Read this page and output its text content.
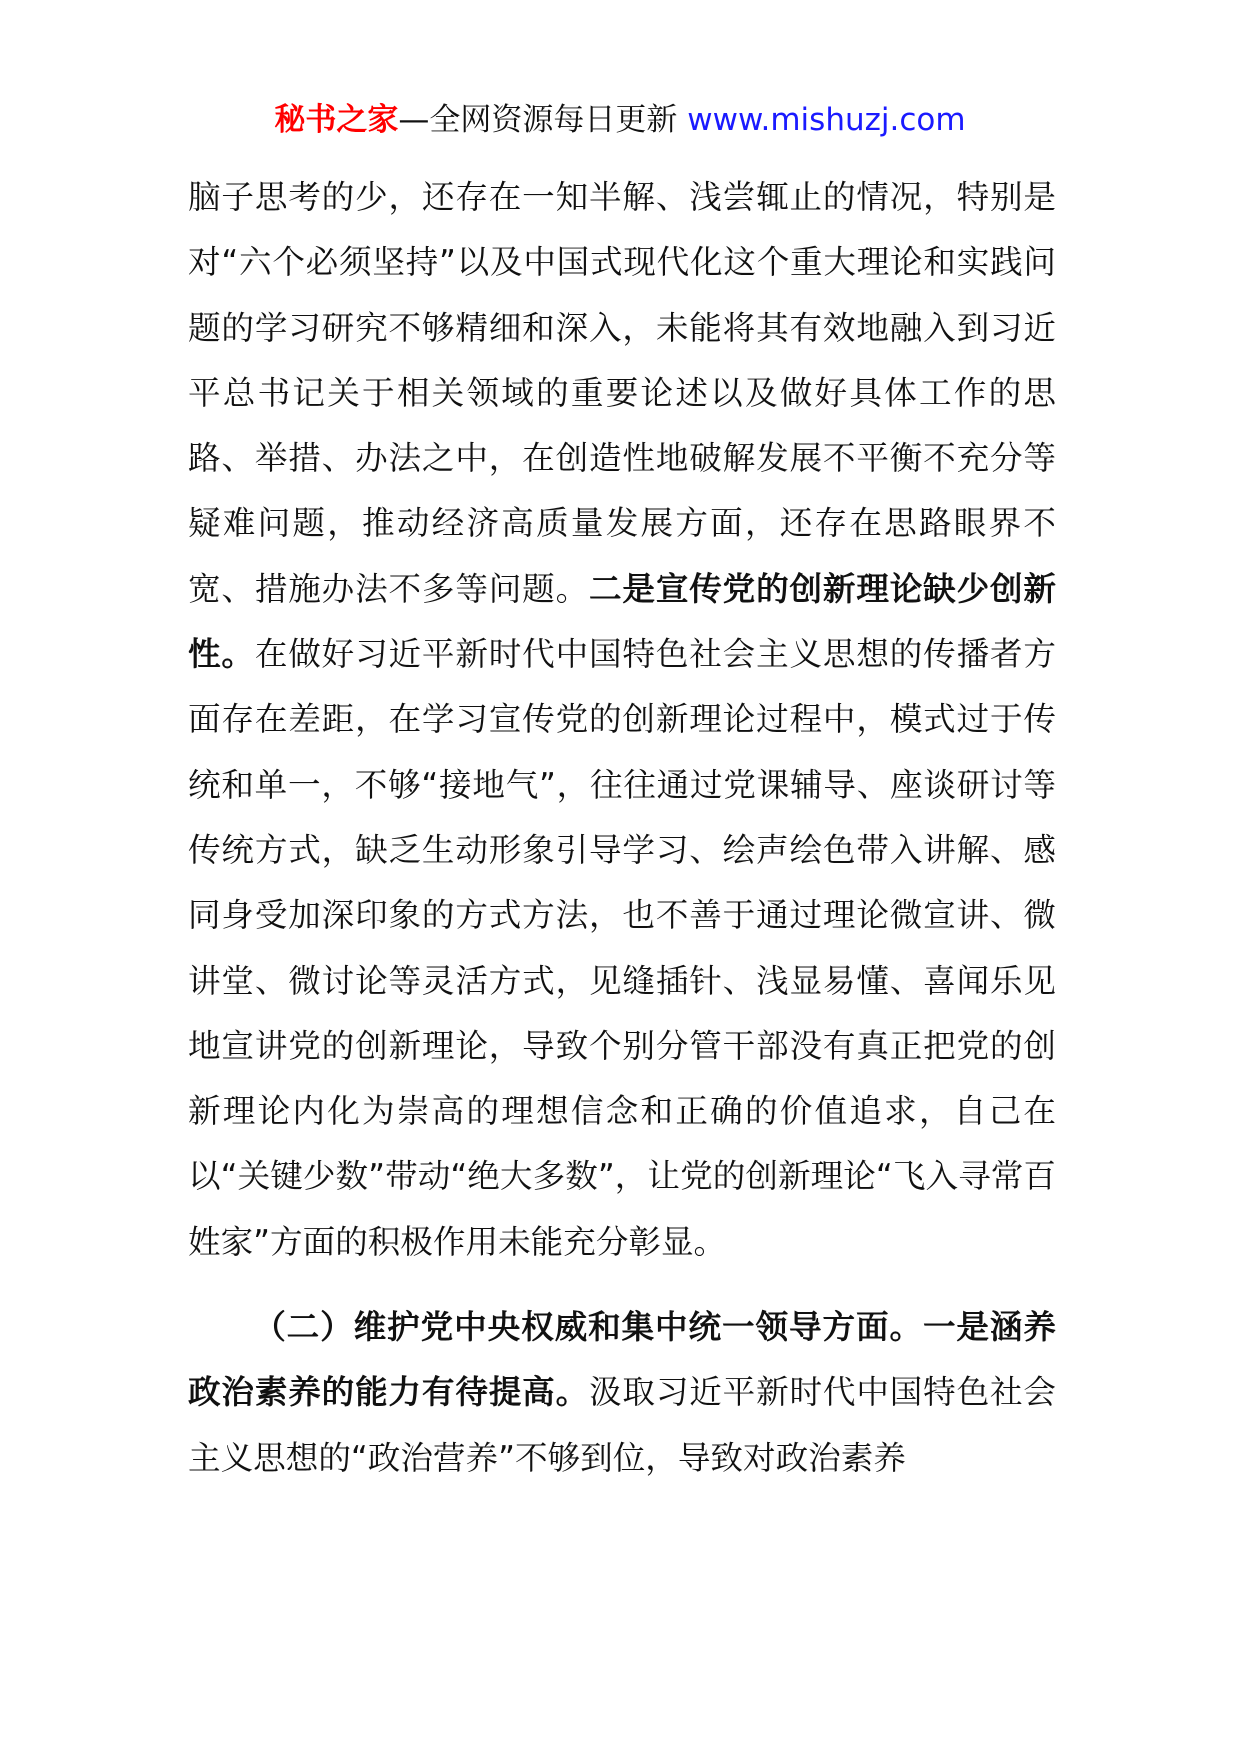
秘书之家—全网资源每日更新 www.mishuzj.com

脑子思考的少，还存在一知半解、浅尝辄止的情况，特别是对“六个必须坚持”以及中国式现代化这个重大理论和实践问题的学习研究不够精细和深入，未能将其有效地融入到习近平总书记关于相关领域的重要论述以及做好具体工作的思路、举措、办法之中，在创造性地破解发展不平衡不充分等疑难问题，推动经济高质量发展方面，还存在思路眼界不宽、措施办法不多等问题。二是宣传党的创新理论缺少创新性。在做好习近平新时代中国特色社会主义思想的传播者方面存在差距，在学习宣传党的创新理论过程中，模式过于传统和单一，不够“接地气”，往往通过党课辅导、座谈研讨等传统方式，缺乏生动形象引导学习、绘声绘色带入讲解、感同身受加深印象的方式方法，也不善于通过理论微宣讲、微讲堂、微讨论等灵活方式，见缝插针、浅显易懂、喜闻乐见地宣讲党的创新理论，导致个别分管干部没有真正把党的创新理论内化为崇高的理想信念和正确的价值追求，自己在以“关键少数”带动“绝大多数”，让党的创新理论“飞入寻常百姓家”方面的积极作用未能充分彰显。

（二）维护党中央权威和集中统一领导方面。一是涵养政治素养的能力有待提高。汲取习近平新时代中国特色社会主义思想的“政治营养”不够到位，导致对政治素养
